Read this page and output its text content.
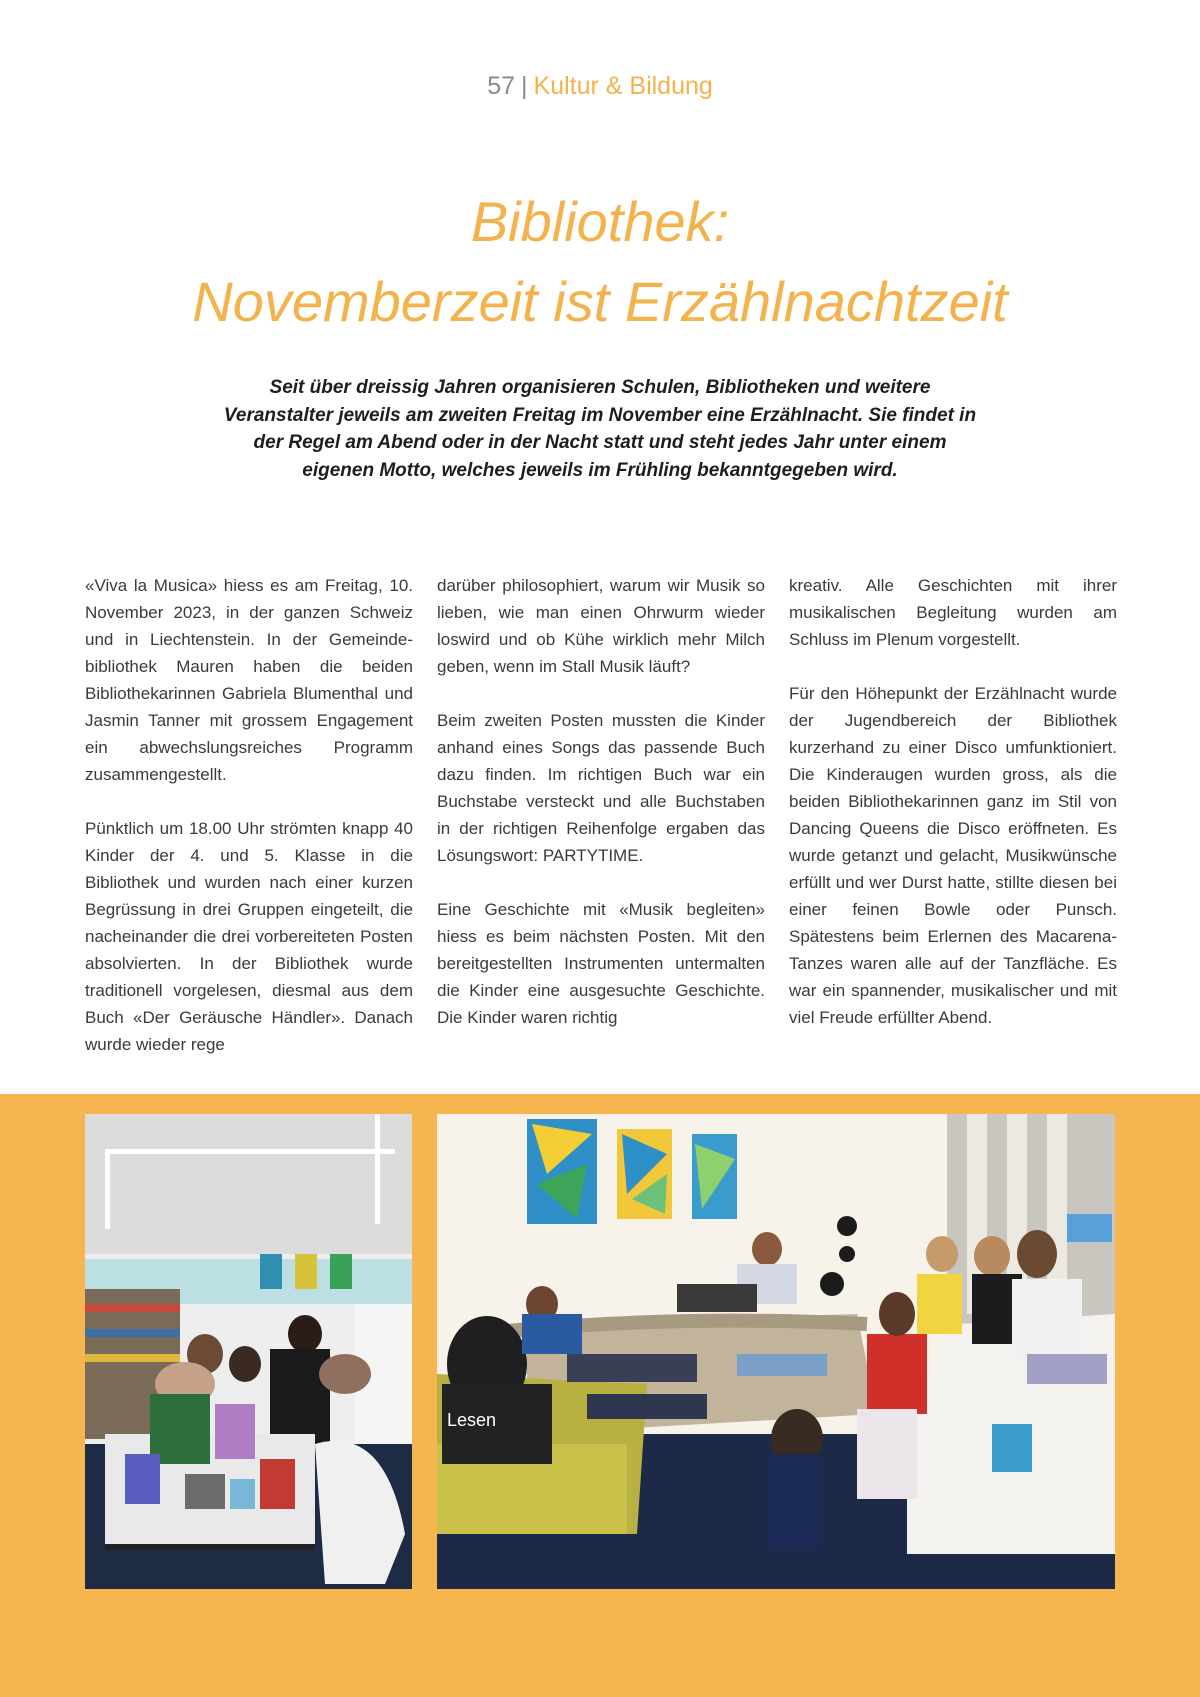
57 | Kultur & Bildung
Bibliothek:
Novemberzeit ist Erzählnachtzeit

Seit über dreissig Jahren organisieren Schulen, Bibliotheken und weitere Veranstalter jeweils am zweiten Freitag im November eine Erzählnacht. Sie findet in der Regel am Abend oder in der Nacht statt und steht jedes Jahr unter einem eigenen Motto, welches jeweils im Frühling bekanntgegeben wird.

«Viva la Musica» hiess es am Freitag, 10. November 2023, in der ganzen Schweiz und in Liechtenstein. In der Gemeindebibliothek Mauren haben die beiden Bibliothekarinnen Gabriela Blumenthal und Jasmin Tanner mit grossem Engagement ein abwechslungsreiches Programm zusammengestellt.

Pünktlich um 18.00 Uhr strömten knapp 40 Kinder der 4. und 5. Klasse in die Bibliothek und wurden nach einer kurzen Begrüssung in drei Gruppen eingeteilt, die nacheinander die drei vorbereiteten Posten absolvierten. In der Bibliothek wurde traditionell vorgelesen, diesmal aus dem Buch «Der Geräusche Händler». Danach wurde wieder rege

darüber philosophiert, warum wir Musik so lieben, wie man einen Ohrwurm wieder loswird und ob Kühe wirklich mehr Milch geben, wenn im Stall Musik läuft?

Beim zweiten Posten mussten die Kinder anhand eines Songs das passende Buch dazu finden. Im richtigen Buch war ein Buchstabe versteckt und alle Buchstaben in der richtigen Reihenfolge ergaben das Lösungswort: PARTYTIME.

Eine Geschichte mit «Musik begleiten» hiess es beim nächsten Posten. Mit den bereitgestellten Instrumenten untermalten die Kinder eine ausgesuchte Geschichte. Die Kinder waren richtig

kreativ. Alle Geschichten mit ihrer musikalischen Begleitung wurden am Schluss im Plenum vorgestellt.

Für den Höhepunkt der Erzählnacht wurde der Jugendbereich der Bibliothek kurzerhand zu einer Disco umfunktioniert. Die Kinderaugen wurden gross, als die beiden Bibliothekarinnen ganz im Stil von Dancing Queens die Disco eröffneten. Es wurde getanzt und gelacht, Musikwünsche erfüllt und wer Durst hatte, stillte diesen bei einer feinen Bowle oder Punsch. Spätestens beim Erlernen des Macarena-Tanzes waren alle auf der Tanzfläche. Es war ein spannender, musikalischer und mit viel Freude erfüllter Abend.

Lesen
